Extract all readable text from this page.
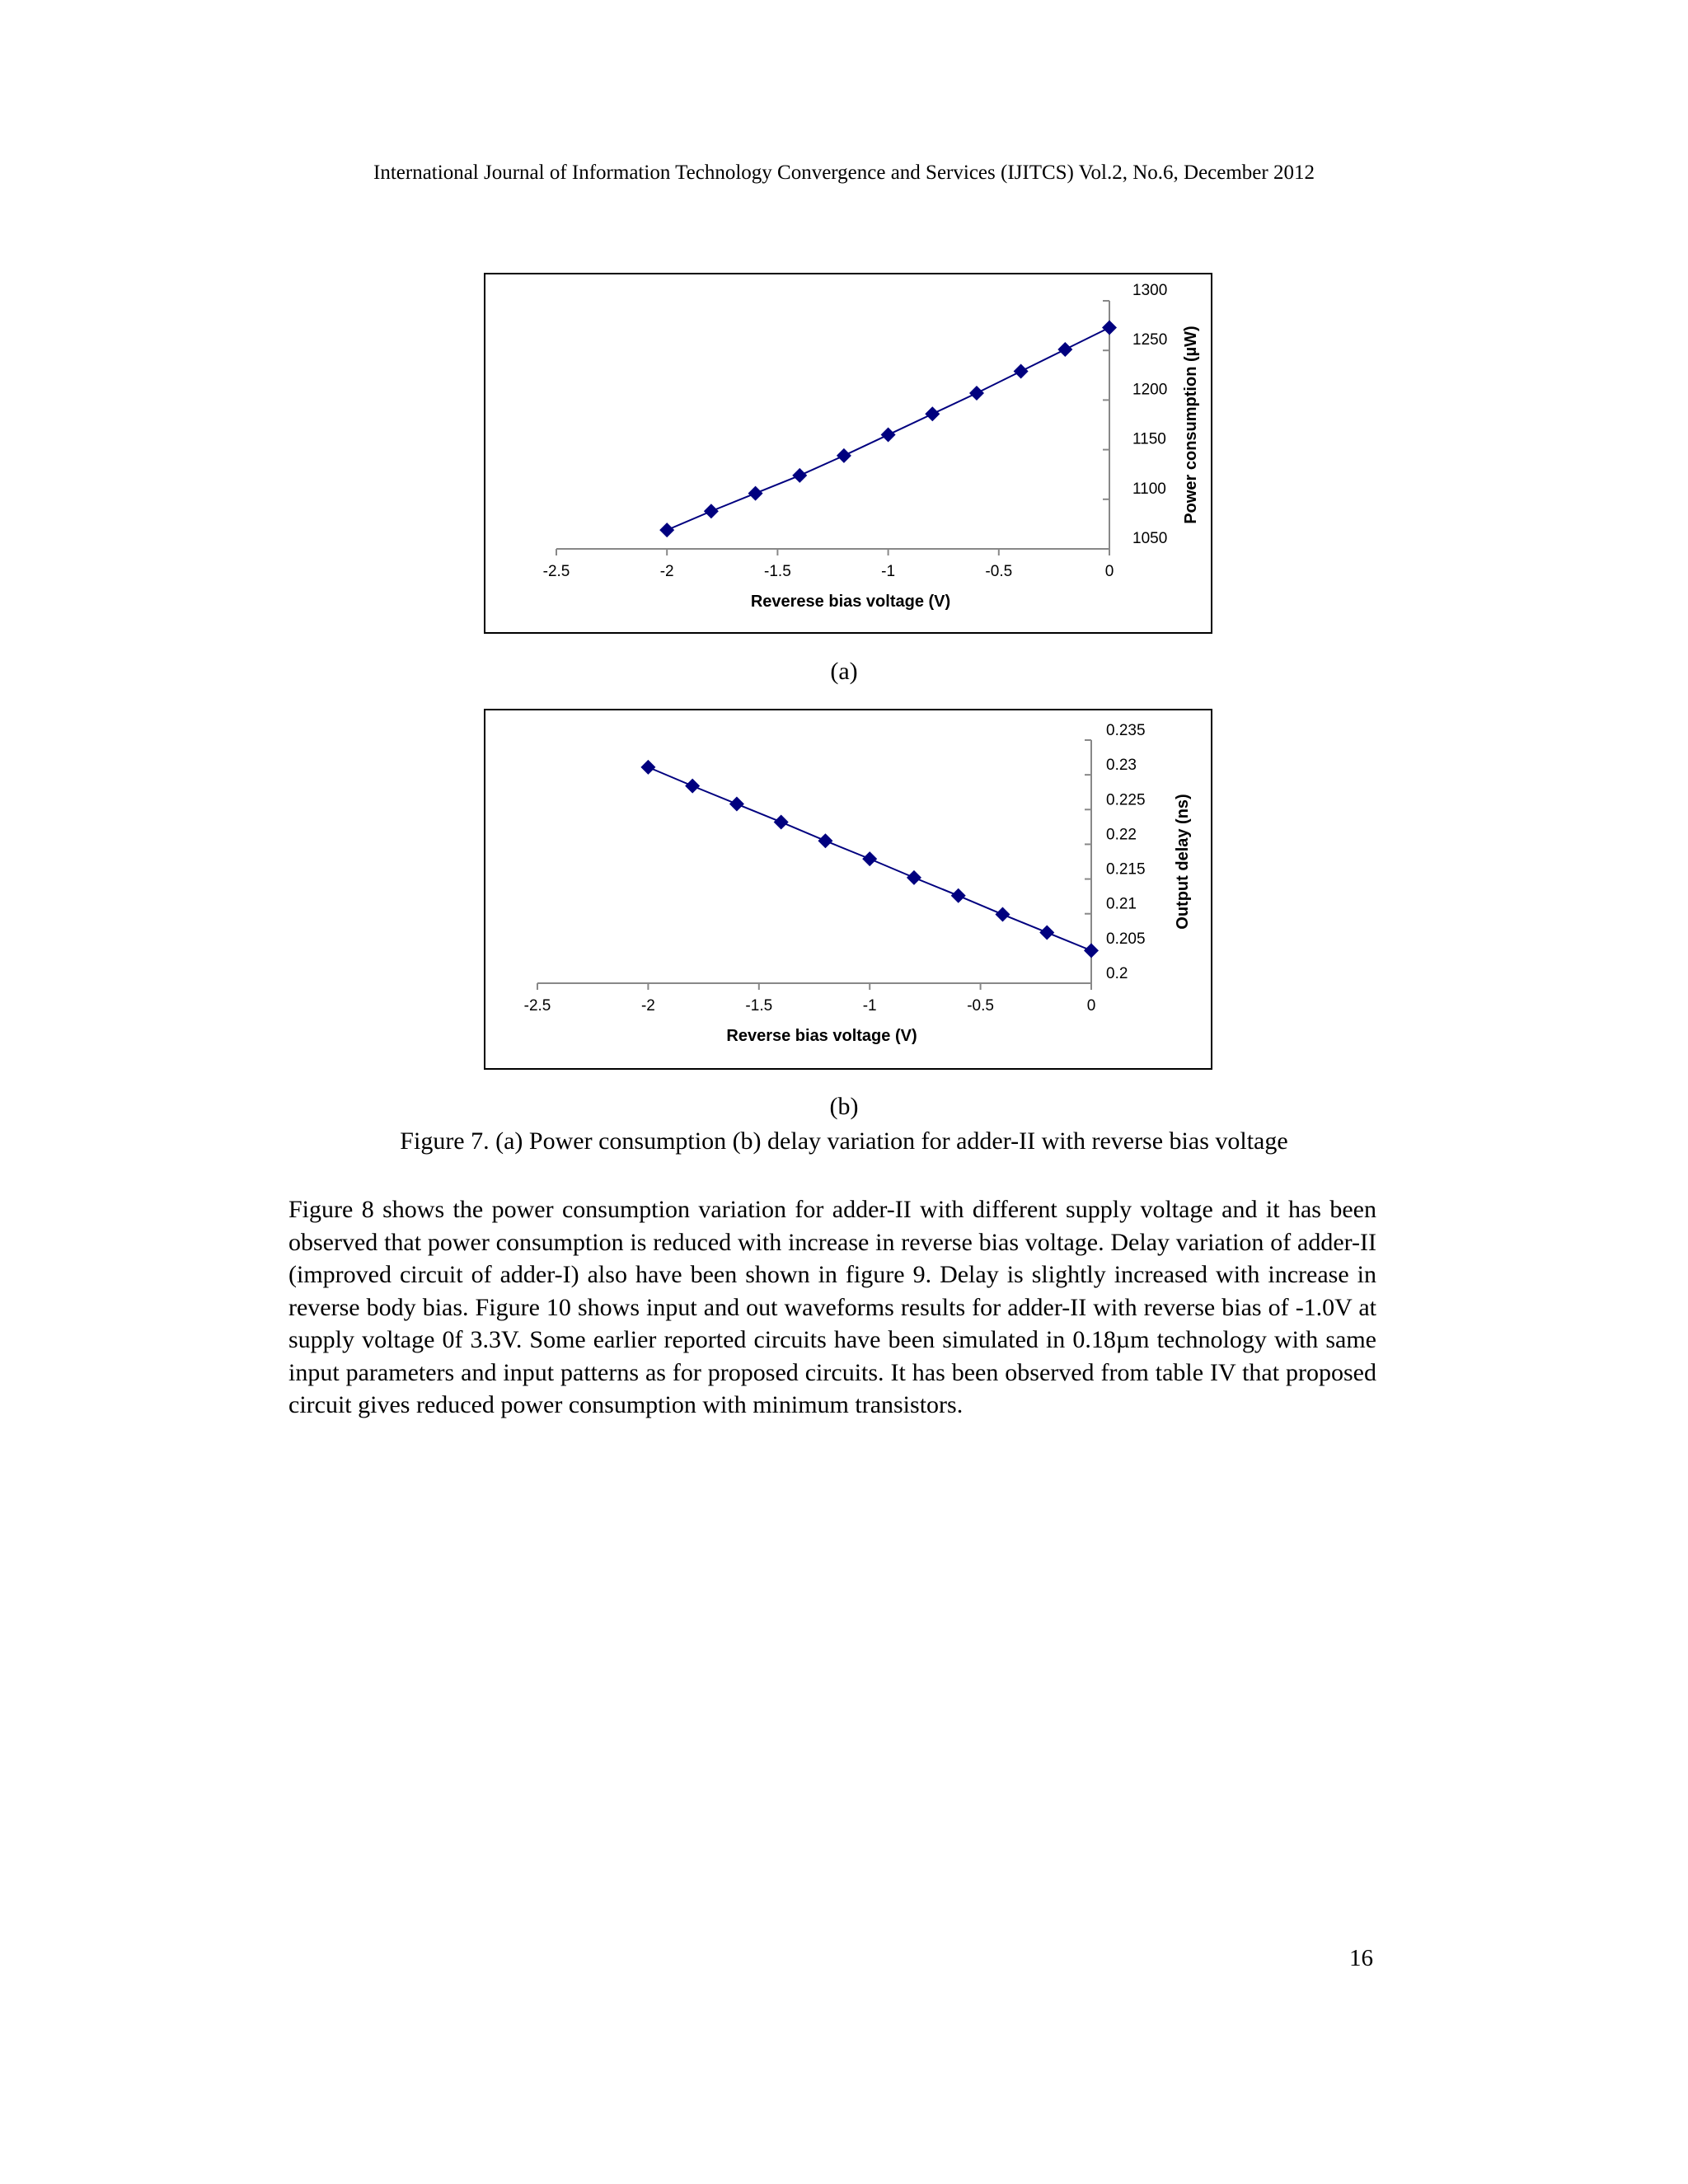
International Journal of Information Technology Convergence and Services (IJITCS) Vol.2, No.6, December 2012
-2.5	-2	-1.5	-1	-0.5	0
1050
1100
1150
1200
1250
1300
Reverese bias voltage (V)
Power consumption (µW)
(a)
-2.5	-2	-1.5	-1	-0.5	0
0.2
0.205
0.21
0.215
0.22
0.225
0.23
0.235
Reverse bias voltage (V)
Output delay (ns)
(b)
Figure 7. (a) Power consumption (b) delay variation for adder-II with reverse bias voltage
Figure 8 shows the power consumption variation for adder-II with different supply voltage and it has been observed that power consumption is reduced with increase in reverse bias voltage. Delay variation of adder-II (improved circuit of adder-I) also have been shown in figure 9. Delay is slightly increased with increase in reverse body bias. Figure 10 shows input and out waveforms results for adder-II with reverse bias of -1.0V at supply voltage 0f 3.3V. Some earlier reported circuits have been simulated in 0.18µm technology with same input parameters and input patterns as for proposed circuits. It has been observed from table IV that proposed circuit gives reduced power consumption with minimum transistors.
16
